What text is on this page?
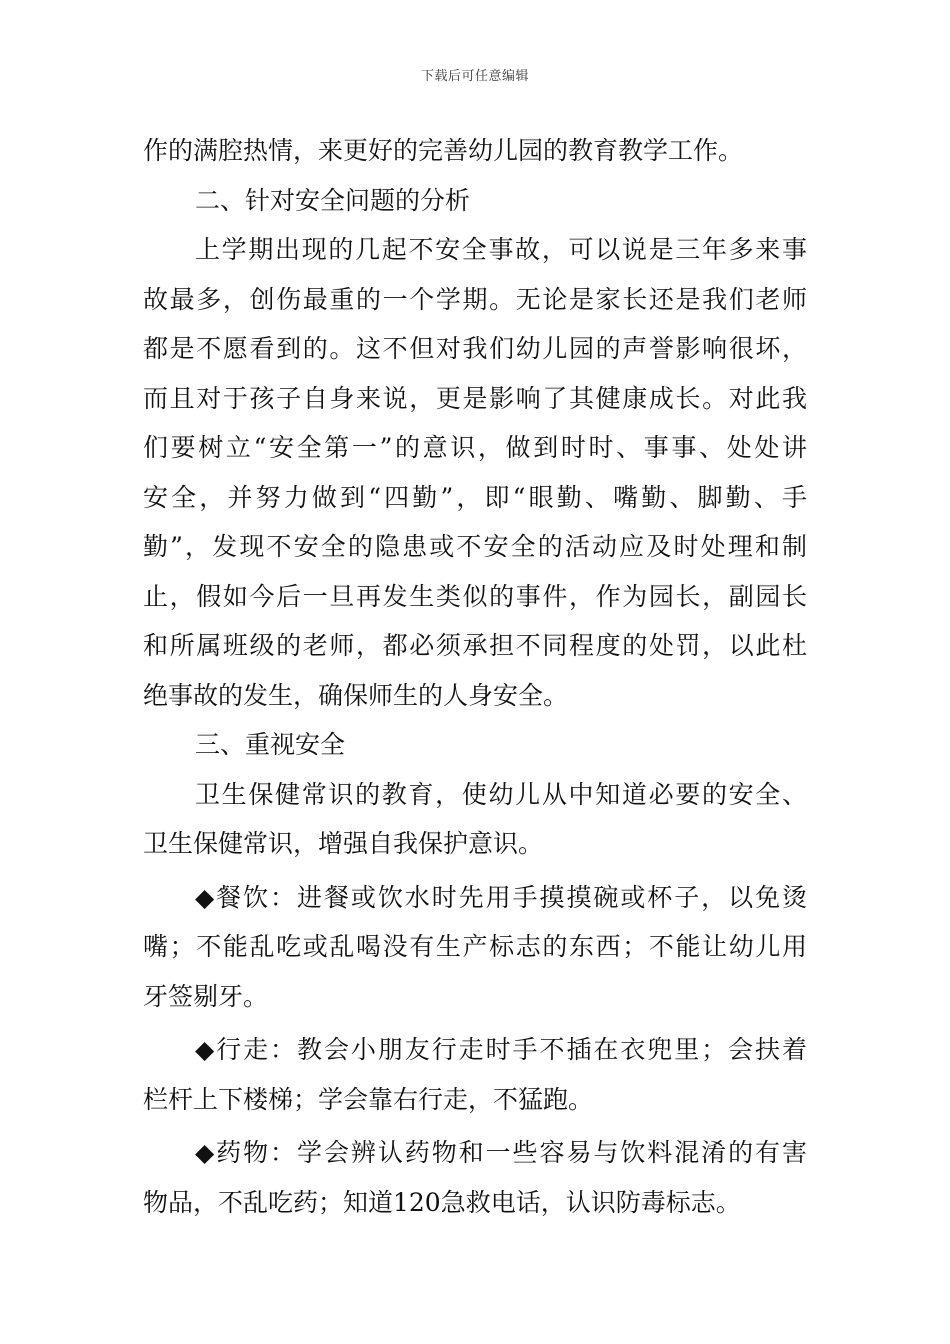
下载后可任意编辑
作的满腔热情，来更好的完善幼儿园的教育教学工作。
二、针对安全问题的分析
上学期出现的几起不安全事故，可以说是三年多来事
故最多，创伤最重的一个学期。无论是家长还是我们老师
都是不愿看到的。这不但对我们幼儿园的声誉影响很坏，
而且对于孩子自身来说，更是影响了其健康成长。对此我
们要树立“安全第一”的意识，做到时时、事事、处处讲
安全，并努力做到“四勤”，即“眼勤、嘴勤、脚勤、手
勤”，发现不安全的隐患或不安全的活动应及时处理和制
止，假如今后一旦再发生类似的事件，作为园长，副园长
和所属班级的老师，都必须承担不同程度的处罚，以此杜
绝事故的发生，确保师生的人身安全。
三、重视安全
卫生保健常识的教育，使幼儿从中知道必要的安全、
卫生保健常识，增强自我保护意识。
◆餐饮：进餐或饮水时先用手摸摸碗或杯子，以免烫
嘴；不能乱吃或乱喝没有生产标志的东西；不能让幼儿用
牙签剔牙。
◆行走：教会小朋友行走时手不插在衣兜里；会扶着
栏杆上下楼梯；学会靠右行走，不猛跑。
◆药物：学会辨认药物和一些容易与饮料混淆的有害
物品，不乱吃药；知道120急救电话，认识防毒标志。
